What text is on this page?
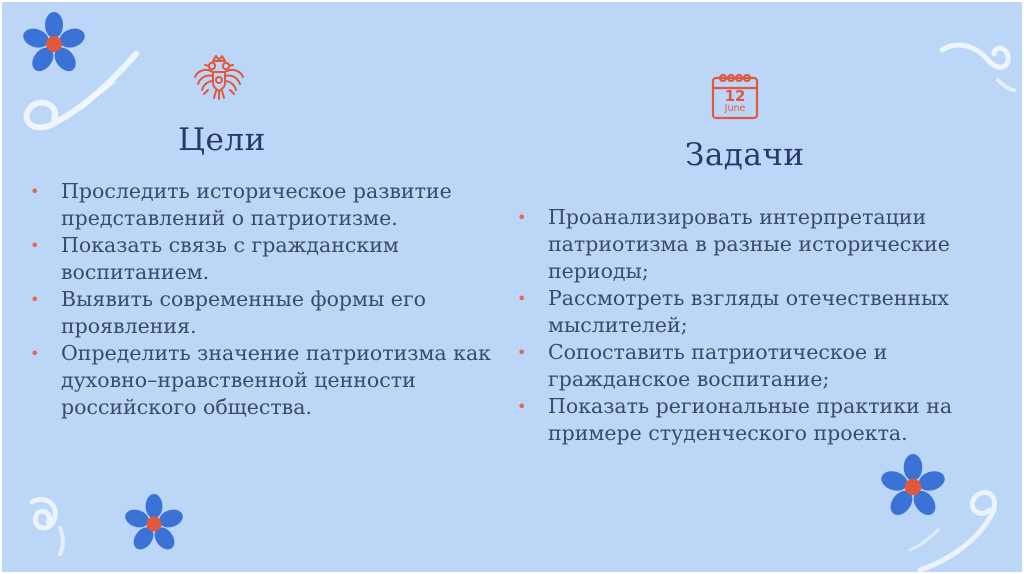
Цели
• Проследить историческое развитие представлений о патриотизме.
• Показать связь с гражданским воспитанием.
• Выявить современные формы его проявления.
• Определить значение патриотизма как духовно–нравственной ценности российского общества.
12
June
Задачи
• Проанализировать интерпретации патриотизма в разные исторические периоды;
• Рассмотреть взгляды отечественных мыслителей;
• Сопоставить патриотическое и гражданское воспитание;
• Показать региональные практики на примере студенческого проекта.
